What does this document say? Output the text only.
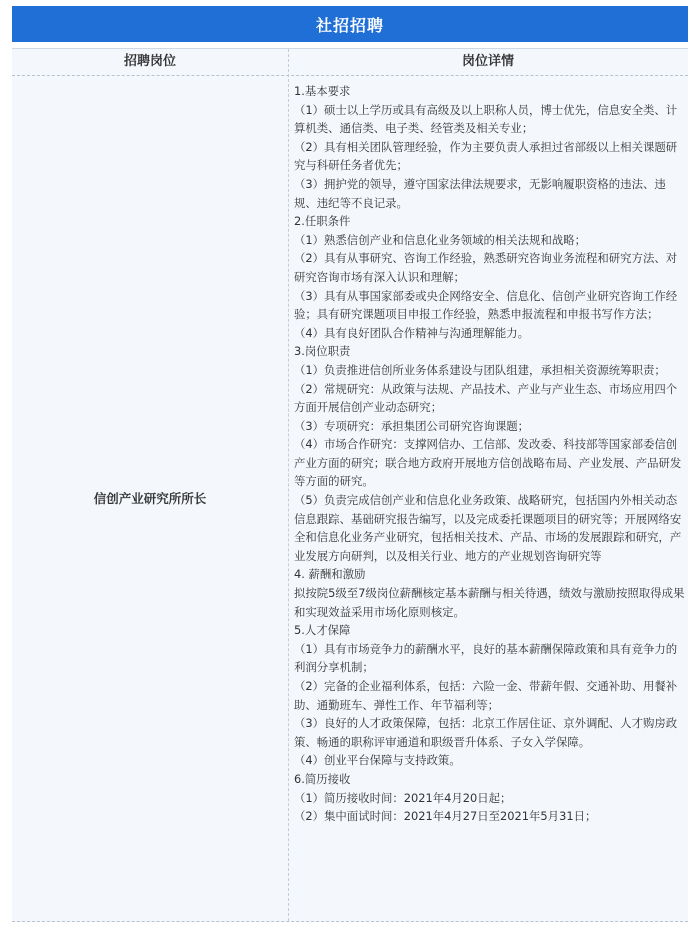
社招招聘
招聘岗位	岗位详情
信创产业研究所所长

1.基本要求

（1）硕士以上学历或具有高级及以上职称人员，博士优先，信息安全类、计算机类、通信类、电子类、经管类及相关专业；

（2）具有相关团队管理经验，作为主要负责人承担过省部级以上相关课题研究与科研任务者优先；

（3）拥护党的领导，遵守国家法律法规要求，无影响履职资格的违法、违规、违纪等不良记录。

2.任职条件

（1）熟悉信创产业和信息化业务领域的相关法规和战略；

（2）具有从事研究、咨询工作经验，熟悉研究咨询业务流程和研究方法、对研究咨询市场有深入认识和理解；

（3）具有从事国家部委或央企网络安全、信息化、信创产业研究咨询工作经验；具有研究课题项目申报工作经验，熟悉申报流程和申报书写作方法；

（4）具有良好团队合作精神与沟通理解能力。

3.岗位职责

（1）负责推进信创所业务体系建设与团队组建，承担相关资源统筹职责；

（2）常规研究：从政策与法规、产品技术、产业与产业生态、市场应用四个方面开展信创产业动态研究；

（3）专项研究：承担集团公司研究咨询课题；

（4）市场合作研究：支撑网信办、工信部、发改委、科技部等国家部委信创产业方面的研究；联合地方政府开展地方信创战略布局、产业发展、产品研发等方面的研究。

（5）负责完成信创产业和信息化业务政策、战略研究，包括国内外相关动态信息跟踪、基础研究报告编写，以及完成委托课题项目的研究等；开展网络安全和信息化业务产业研究，包括相关技术、产品、市场的发展跟踪和研究，产业发展方向研判，以及相关行业、地方的产业规划咨询研究等

4. 薪酬和激励

拟按院5级至7级岗位薪酬核定基本薪酬与相关待遇，绩效与激励按照取得成果和实现效益采用市场化原则核定。

5.人才保障

（1）具有市场竞争力的薪酬水平，良好的基本薪酬保障政策和具有竞争力的利润分享机制；

（2）完备的企业福利体系，包括：六险一金、带薪年假、交通补助、用餐补助、通勤班车、弹性工作、年节福利等；

（3）良好的人才政策保障，包括：北京工作居住证、京外调配、人才购房政策、畅通的职称评审通道和职级晋升体系、子女入学保障。

（4）创业平台保障与支持政策。

6.简历接收

（1）简历接收时间：2021年4月20日起；

（2）集中面试时间：2021年4月27日至2021年5月31日；
